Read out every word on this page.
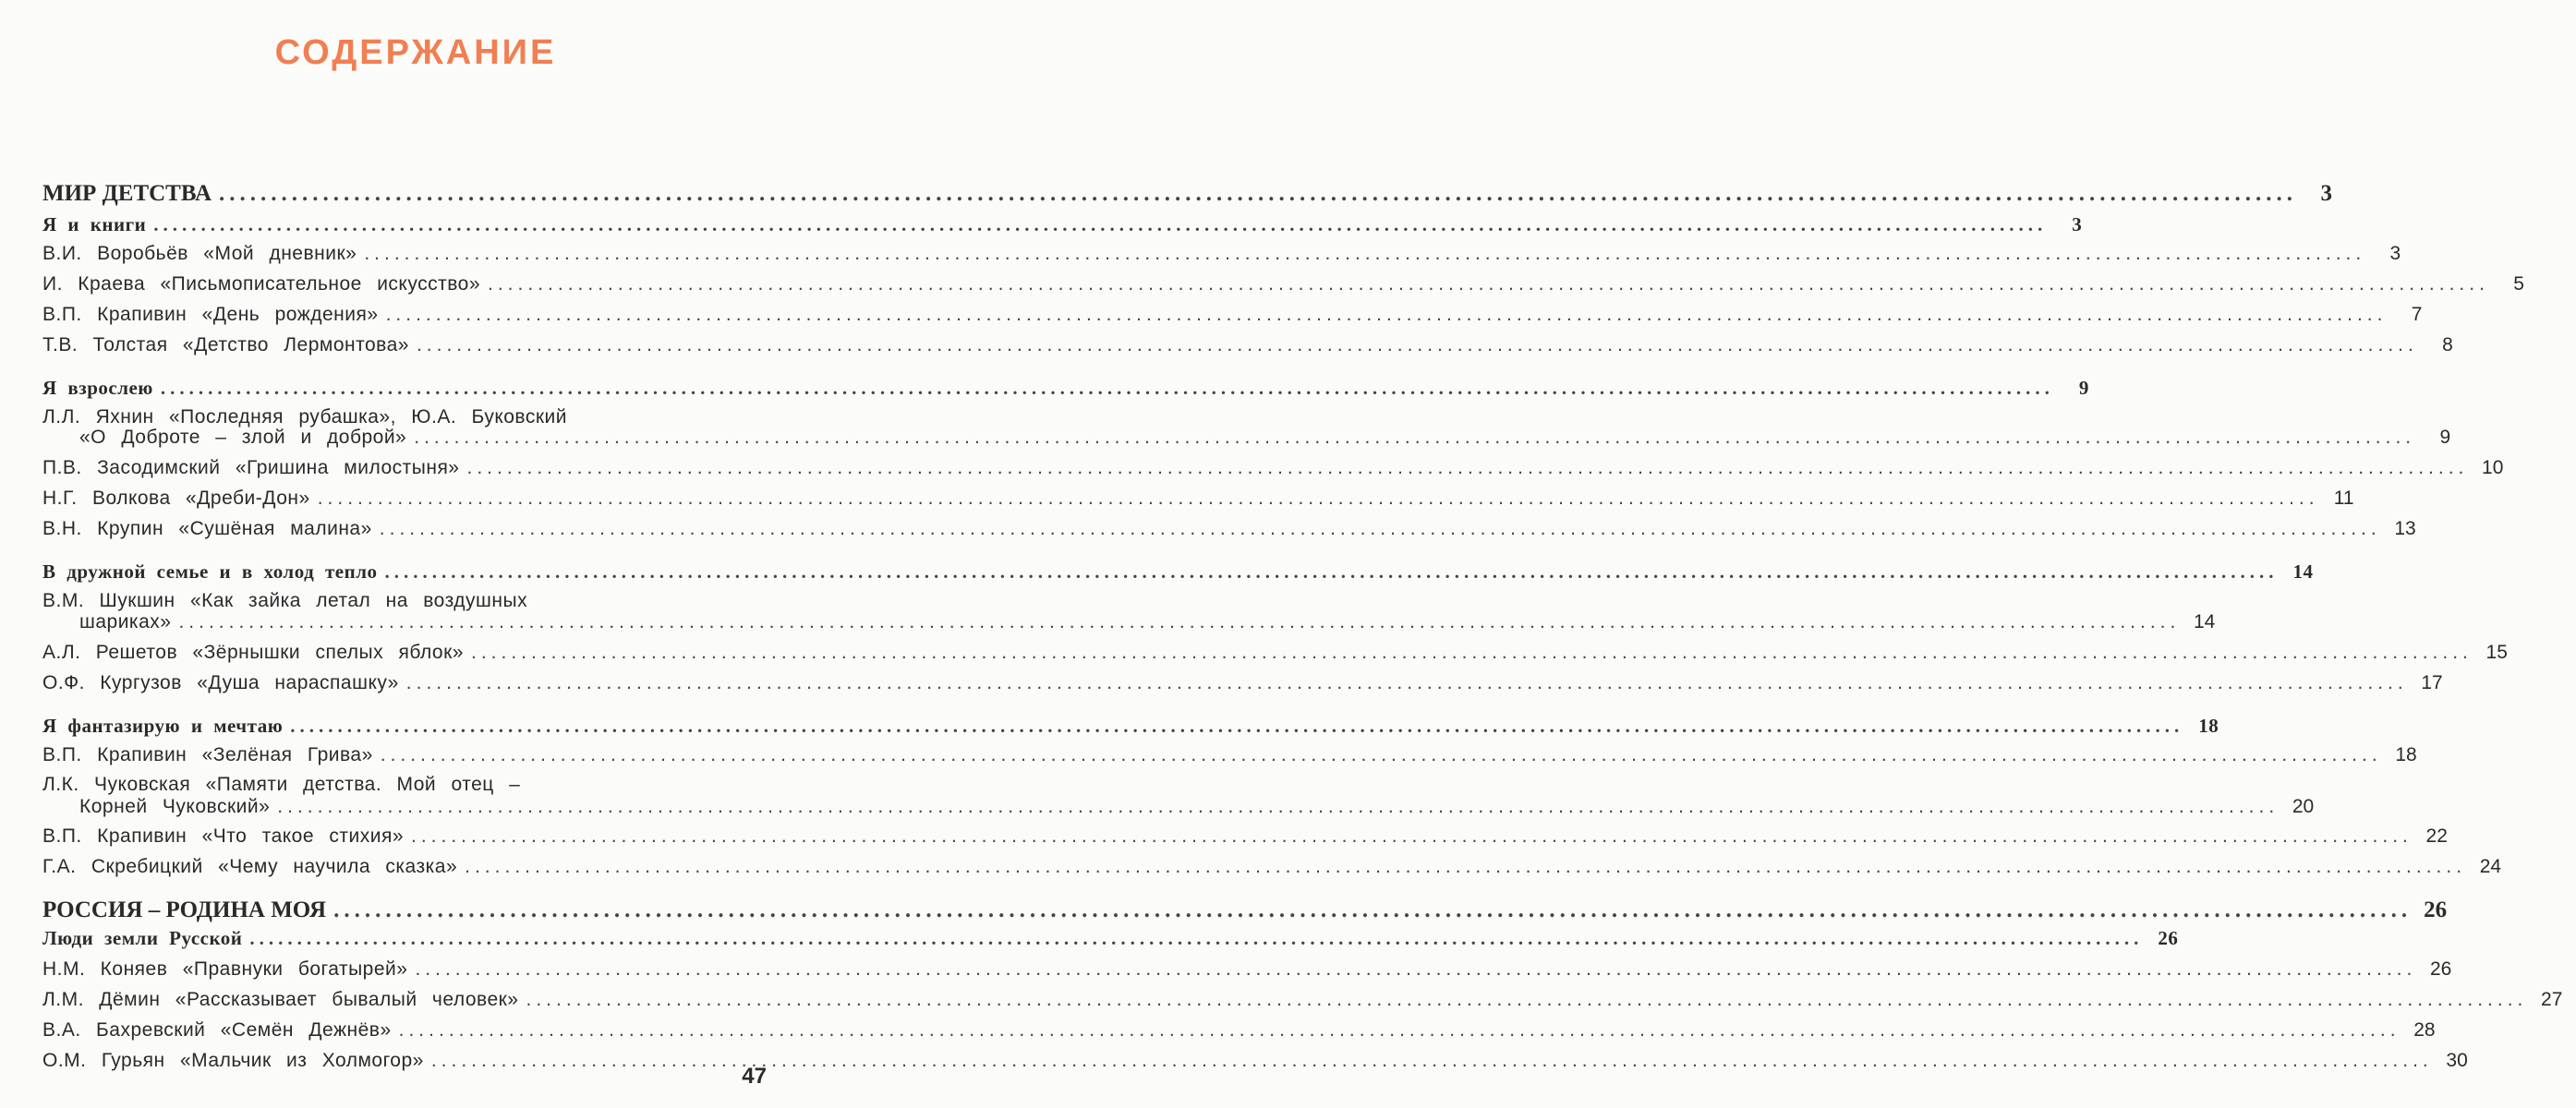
СОДЕРЖАНИЕ
МИР ДЕТСТВА ........................................................................................................................................................................................................	3
Я и книги ........................................................................................................................................................................................................	3
В.И. Воробьёв «Мой дневник» ........................................................................................................................................................................................................	3
И. Краева «Письмописательное искусство» ........................................................................................................................................................................................................	5
В.П. Крапивин «День рождения» ........................................................................................................................................................................................................	7
Т.В. Толстая «Детство Лермонтова» ........................................................................................................................................................................................................	8
Я взрослею ........................................................................................................................................................................................................	9
Л.Л. Яхнин «Последняя рубашка», Ю.А. Буковский
«О Доброте – злой и доброй» ........................................................................................................................................................................................................	9
П.В. Засодимский «Гришина милостыня» ........................................................................................................................................................................................................ 10
Н.Г. Волкова «Дреби-Дон» ........................................................................................................................................................................................................ 11
В.Н. Крупин «Сушёная малина» ........................................................................................................................................................................................................ 13
В дружной семье и в холод тепло ........................................................................................................................................................................................................ 14
В.М. Шукшин «Как зайка летал на воздушных
шариках» ........................................................................................................................................................................................................ 14
А.Л. Решетов «Зёрнышки спелых яблок» ........................................................................................................................................................................................................ 15
О.Ф. Кургузов «Душа нараспашку» ........................................................................................................................................................................................................ 17
Я фантазирую и мечтаю ........................................................................................................................................................................................................ 18
В.П. Крапивин «Зелёная Грива» ........................................................................................................................................................................................................ 18
Л.К. Чуковская «Памяти детства. Мой отец –
Корней Чуковский» ........................................................................................................................................................................................................ 20
В.П. Крапивин «Что такое стихия» ........................................................................................................................................................................................................ 22
Г.А. Скребицкий «Чему научила сказка» ........................................................................................................................................................................................................ 24
РОССИЯ – РОДИНА МОЯ ........................................................................................................................................................................................................ 26
Люди земли Русской ........................................................................................................................................................................................................ 26
Н.М. Коняев «Правнуки богатырей» ........................................................................................................................................................................................................ 26
Л.М. Дёмин «Рассказывает бывалый человек» ........................................................................................................................................................................................................ 27
В.А. Бахревский «Семён Дежнёв» ........................................................................................................................................................................................................ 28
О.М. Гурьян «Мальчик из Холмогор» ........................................................................................................................................................................................................ 30
47
